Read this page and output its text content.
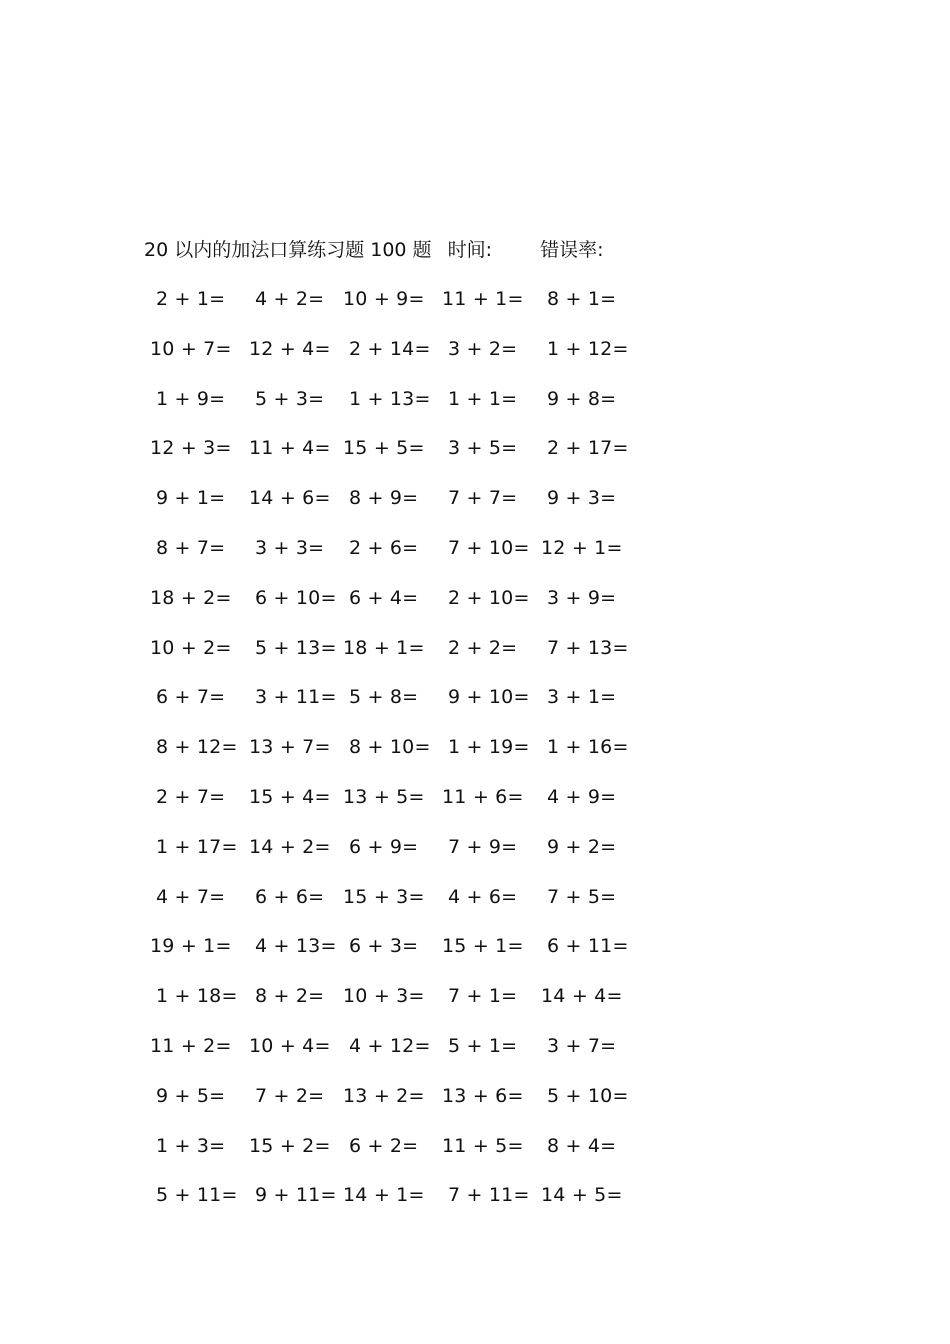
20 以内的加法口算练习题 100 题 时间:	错误率:
2 + 1= 4 + 2= 10 + 9= 11 + 1= 8 + 1=
10 + 7= 12 + 4= 2 + 14= 3 + 2= 1 + 12=
1 + 9= 5 + 3= 1 + 13= 1 + 1= 9 + 8=
12 + 3= 11 + 4= 15 + 5= 3 + 5= 2 + 17=
9 + 1= 14 + 6= 8 + 9= 7 + 7= 9 + 3=
8 + 7= 3 + 3= 2 + 6= 7 + 10= 12 + 1=
18 + 2= 6 + 10= 6 + 4= 2 + 10= 3 + 9=
10 + 2= 5 + 13= 18 + 1= 2 + 2= 7 + 13=
6 + 7= 3 + 11= 5 + 8= 9 + 10= 3 + 1=
8 + 12= 13 + 7= 8 + 10= 1 + 19= 1 + 16=
2 + 7= 15 + 4= 13 + 5= 11 + 6= 4 + 9=
1 + 17= 14 + 2= 6 + 9= 7 + 9= 9 + 2=
4 + 7= 6 + 6= 15 + 3= 4 + 6= 7 + 5=
19 + 1= 4 + 13= 6 + 3= 15 + 1= 6 + 11=
1 + 18= 8 + 2= 10 + 3= 7 + 1= 14 + 4=
11 + 2= 10 + 4= 4 + 12= 5 + 1= 3 + 7=
9 + 5= 7 + 2= 13 + 2= 13 + 6= 5 + 10=
1 + 3= 15 + 2= 6 + 2= 11 + 5= 8 + 4=
5 + 11= 9 + 11= 14 + 1= 7 + 11= 14 + 5=
